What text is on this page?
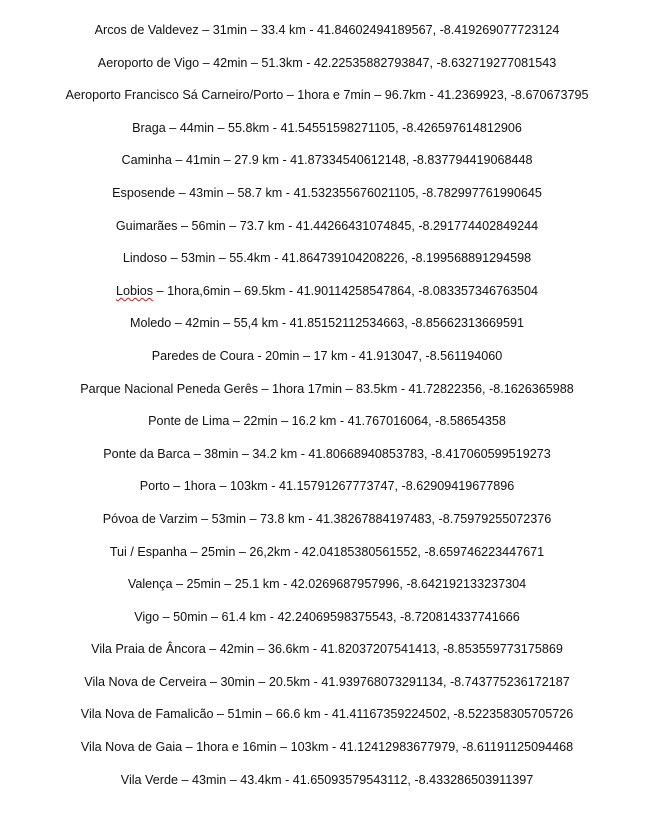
Arcos de Valdevez – 31min – 33.4 km - 41.84602494189567, -8.419269077723124
Aeroporto de Vigo – 42min – 51.3km - 42.22535882793847, -8.632719277081543
Aeroporto Francisco Sá Carneiro/Porto – 1hora e 7min – 96.7km - 41.2369923, -8.670673795
Braga – 44min – 55.8km - 41.54551598271105, -8.426597614812906
Caminha – 41min – 27.9 km - 41.87334540612148, -8.837794419068448
Esposende – 43min – 58.7 km - 41.532355676021105, -8.782997761990645
Guimarães – 56min – 73.7 km - 41.44266431074845, -8.291774402849244
Lindoso – 53min – 55.4km - 41.864739104208226, -8.199568891294598
Lobios – 1hora,6min – 69.5km - 41.90114258547864, -8.083357346763504
Moledo – 42min – 55,4 km - 41.85152112534663, -8.85662313669591
Paredes de Coura - 20min – 17 km - 41.913047, -8.561194060
Parque Nacional Peneda Gerês – 1hora 17min – 83.5km - 41.72822356, -8.1626365988
Ponte de Lima – 22min – 16.2 km - 41.767016064, -8.58654358
Ponte da Barca – 38min – 34.2 km - 41.80668940853783, -8.417060599519273
Porto – 1hora – 103km - 41.15791267773747, -8.62909419677896
Póvoa de Varzim – 53min – 73.8 km - 41.38267884197483, -8.75979255072376
Tui / Espanha – 25min – 26,2km - 42.04185380561552, -8.659746223447671
Valença – 25min – 25.1 km - 42.0269687957996, -8.642192133237304
Vigo – 50min – 61.4 km - 42.24069598375543, -8.720814337741666
Vila Praia de Âncora – 42min – 36.6km - 41.82037207541413, -8.853559773175869
Vila Nova de Cerveira – 30min – 20.5km - 41.939768073291134, -8.743775236172187
Vila Nova de Famalicão – 51min – 66.6 km - 41.41167359224502, -8.522358305705726
Vila Nova de Gaia – 1hora e 16min – 103km - 41.12412983677979, -8.61191125094468
Vila Verde – 43min – 43.4km - 41.65093579543112, -8.433286503911397
